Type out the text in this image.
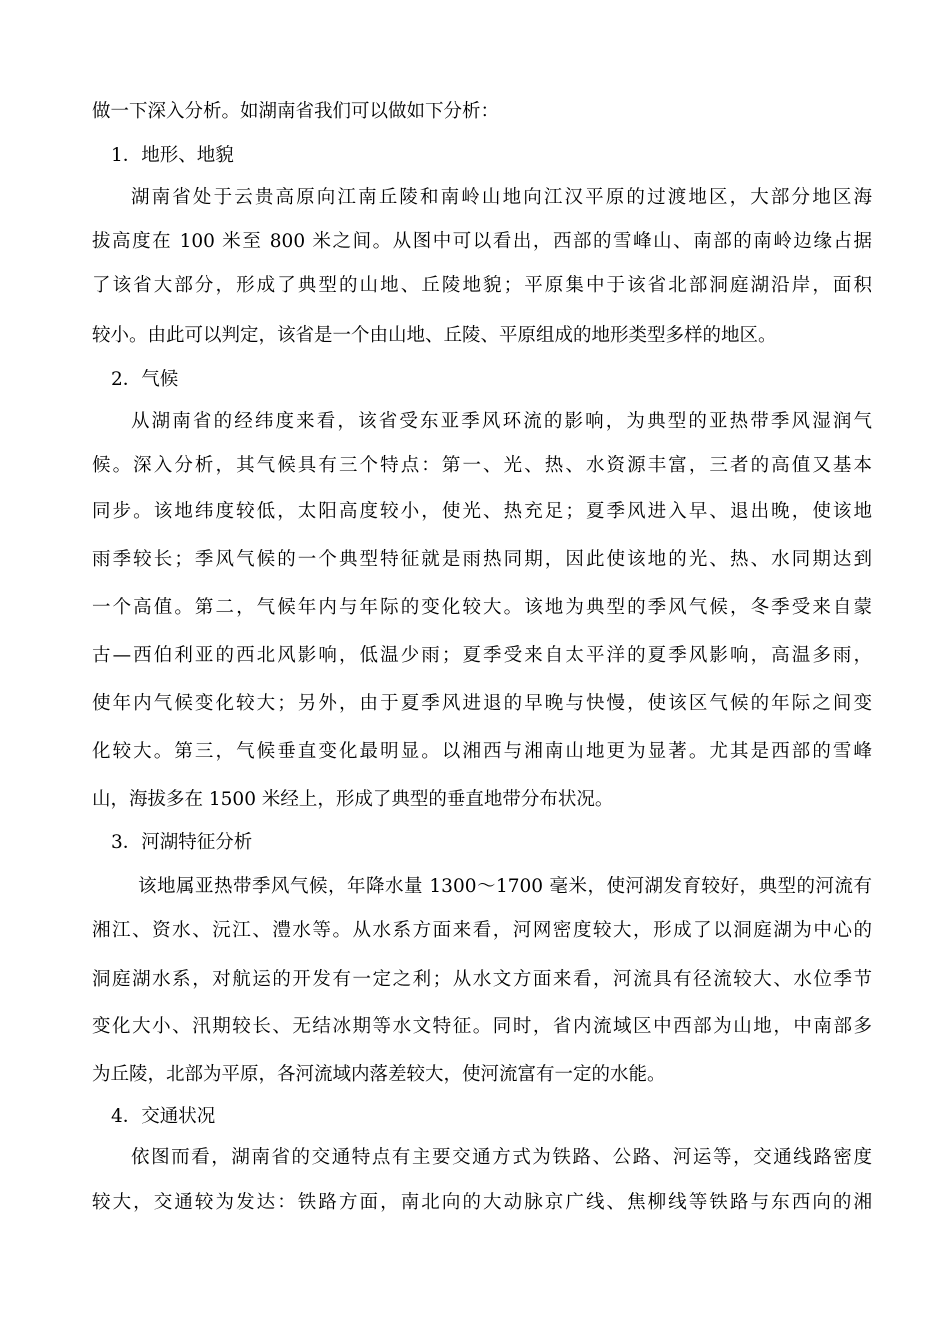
做一下深入分析。如湖南省我们可以做如下分析：
1．地形、地貌
湖南省处于云贵高原向江南丘陵和南岭山地向江汉平原的过渡地区，大部分地区海
拔高度在 100 米至 800 米之间。从图中可以看出，西部的雪峰山、南部的南岭边缘占据
了该省大部分，形成了典型的山地、丘陵地貌；平原集中于该省北部洞庭湖沿岸，面积
较小。由此可以判定，该省是一个由山地、丘陵、平原组成的地形类型多样的地区。
2．气候
从湖南省的经纬度来看，该省受东亚季风环流的影响，为典型的亚热带季风湿润气
候。深入分析，其气候具有三个特点：第一、光、热、水资源丰富，三者的高值又基本
同步。该地纬度较低，太阳高度较小，使光、热充足；夏季风进入早、退出晚，使该地
雨季较长；季风气候的一个典型特征就是雨热同期，因此使该地的光、热、水同期达到
一个高值。第二，气候年内与年际的变化较大。该地为典型的季风气候，冬季受来自蒙
古—西伯利亚的西北风影响，低温少雨；夏季受来自太平洋的夏季风影响，高温多雨，
使年内气候变化较大；另外，由于夏季风进退的早晚与快慢，使该区气候的年际之间变
化较大。第三，气候垂直变化最明显。以湘西与湘南山地更为显著。尤其是西部的雪峰
山，海拔多在 1500 米经上，形成了典型的垂直地带分布状况。
3．河湖特征分析
该地属亚热带季风气候，年降水量 1300～1700 毫米，使河湖发育较好，典型的河流有
湘江、资水、沅江、澧水等。从水系方面来看，河网密度较大，形成了以洞庭湖为中心的
洞庭湖水系，对航运的开发有一定之利；从水文方面来看，河流具有径流较大、水位季节
变化大小、汛期较长、无结冰期等水文特征。同时，省内流域区中西部为山地，中南部多
为丘陵，北部为平原，各河流域内落差较大，使河流富有一定的水能。
4．交通状况
依图而看，湖南省的交通特点有主要交通方式为铁路、公路、河运等，交通线路密度
较大，交通较为发达：铁路方面，南北向的大动脉京广线、焦柳线等铁路与东西向的湘
